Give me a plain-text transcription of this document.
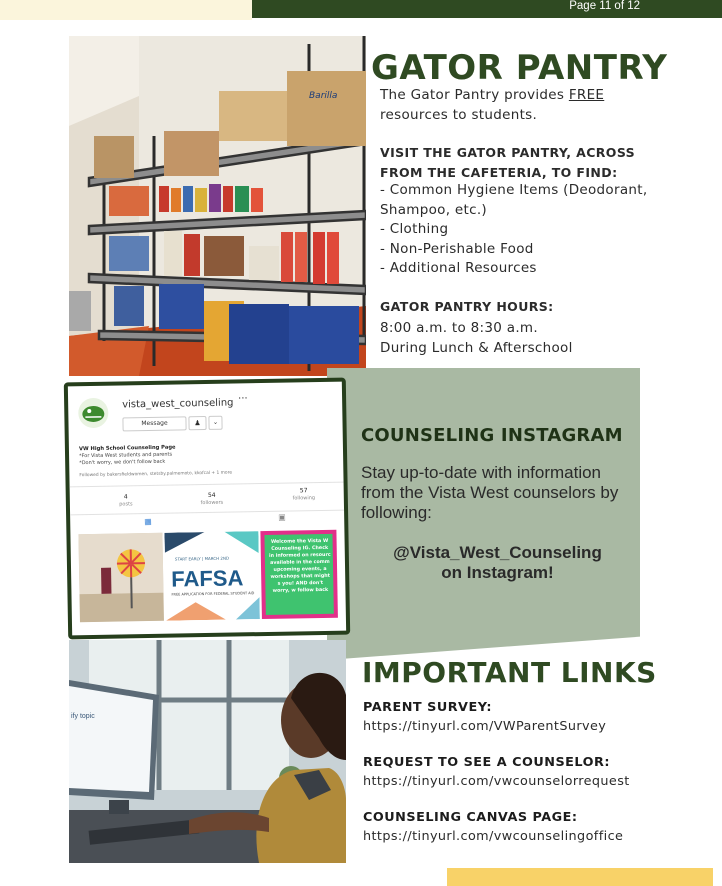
Page 11 of 12
Barilla
GATOR PANTRY
The Gator Pantry provides FREE resources to students.
VISIT THE GATOR PANTRY, ACROSS FROM THE CAFETERIA, TO FIND:
- Common Hygiene Items (Deodorant, Shampoo, etc.)
- Clothing
- Non-Perishable Food
- Additional Resources
GATOR PANTRY HOURS:
8:00 a.m. to 8:30 a.m.
During Lunch & Afterschool
vista_west_counseling ···
Message	♟	⌄
VW High School Counseling Page
*For Vista West students and parents
*Don't worry, we don't follow back
Followed by bakersfieldwomen, stetsby.palmemoto, kkofcal + 1 more
4
posts
54
followers
57
following
▦	▣
START EARLY | MARCH 2ND
FAFSA
FREE APPLICATION FOR FEDERAL STUDENT AID
Welcome the Vista W Counseling IG. Check in informed on resourc available in the comm upcoming events, a workshops that might s you! AND don't worry, w follow back
COUNSELING INSTAGRAM
Stay up-to-date with information from the Vista West counselors by following:
@Vista_West_Counseling
on Instagram!
ify topic
IMPORTANT LINKS
PARENT SURVEY:
https://tinyurl.com/VWParentSurvey
REQUEST TO SEE A COUNSELOR:
https://tinyurl.com/vwcounselorrequest
COUNSELING CANVAS PAGE:
https://tinyurl.com/vwcounselingoffice
